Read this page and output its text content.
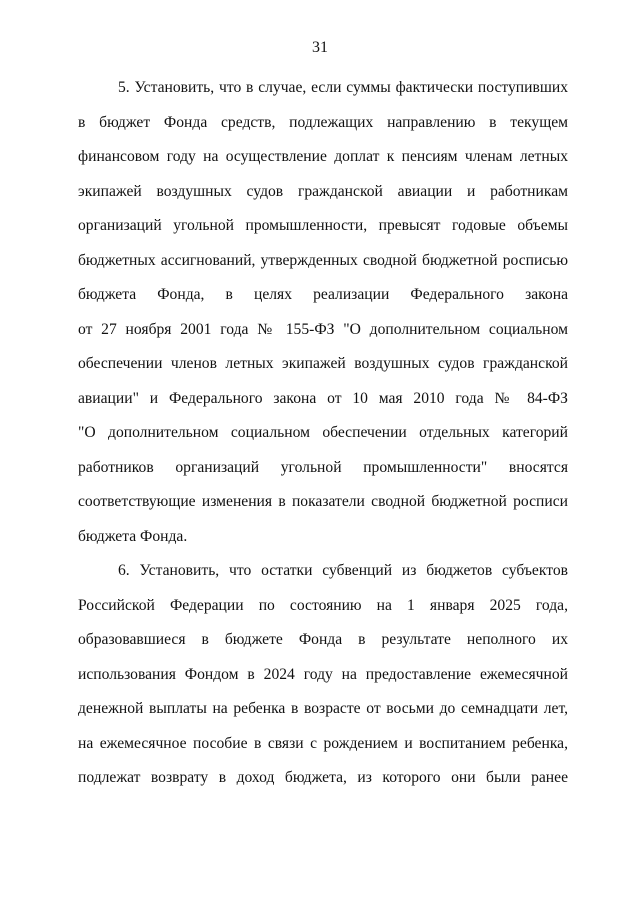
31
5. Установить, что в случае, если суммы фактически поступивших
в бюджет Фонда средств, подлежащих направлению в текущем
финансовом году на осуществление доплат к пенсиям членам летных
экипажей воздушных судов гражданской авиации и работникам
организаций угольной промышленности, превысят годовые объемы
бюджетных ассигнований, утвержденных сводной бюджетной росписью
бюджета Фонда, в целях реализации Федерального закона
от 27 ноября 2001 года № 155-ФЗ "О дополнительном социальном
обеспечении членов летных экипажей воздушных судов гражданской
авиации" и Федерального закона от 10 мая 2010 года № 84-ФЗ
"О дополнительном социальном обеспечении отдельных категорий
работников организаций угольной промышленности" вносятся
соответствующие изменения в показатели сводной бюджетной росписи
бюджета Фонда.
6. Установить, что остатки субвенций из бюджетов субъектов
Российской Федерации по состоянию на 1 января 2025 года,
образовавшиеся в бюджете Фонда в результате неполного их
использования Фондом в 2024 году на предоставление ежемесячной
денежной выплаты на ребенка в возрасте от восьми до семнадцати лет,
на ежемесячное пособие в связи с рождением и воспитанием ребенка,
подлежат возврату в доход бюджета, из которого они были ранее
